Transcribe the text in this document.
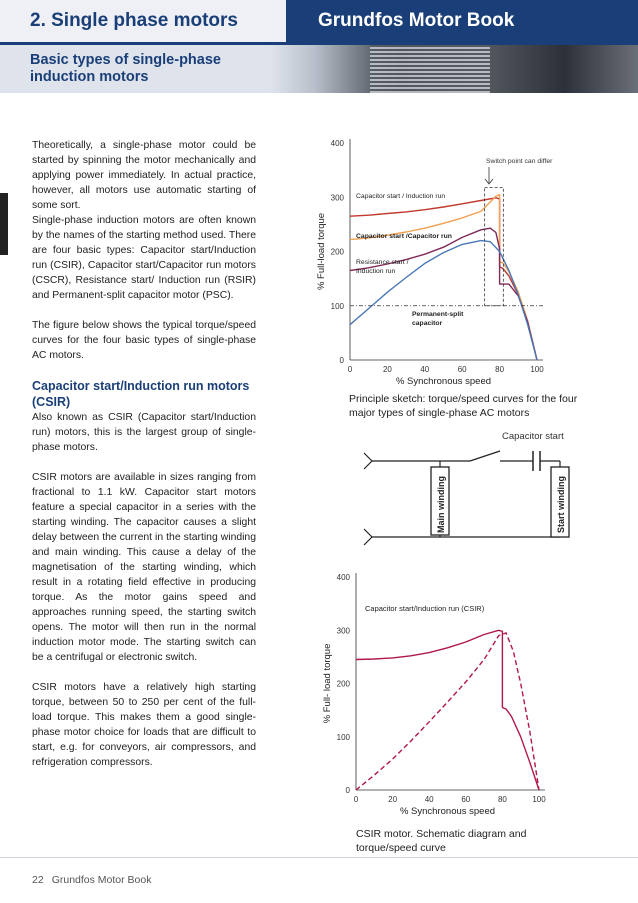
2. Single phase motors	Grundfos Motor Book
Basic types of single-phase induction motors

Theoretically, a single-phase motor could be started by spinning the motor mechanically and applying power immediately. In actual practice, however, all motors use automatic starting of some sort.

Single-phase induction motors are often known by the names of the starting method used. There are four basic types: Capacitor start/Induction run (CSIR), Capacitor start/Capacitor run motors (CSCR), Resistance start/ Induction run (RSIR) and Permanent-split capacitor motor (PSC).

The figure below shows the typical torque/speed curves for the four basic types of single-phase AC motors.

Capacitor start/Induction run motors (CSIR)

Also known as CSIR (Capacitor start/Induction run) motors, this is the largest group of single-phase motors.

CSIR motors are available in sizes ranging from fractional to 1.1 kW. Capacitor start motors feature a special capacitor in a series with the starting winding. The capacitor causes a slight delay between the current in the starting winding and main winding. This cause a delay of the magnetisation of the starting winding, which result in a rotating field effective in producing torque. As the motor gains speed and approaches running speed, the starting switch opens. The motor will then run in the normal induction motor mode. The starting switch can be a centrifugal or electronic switch.

CSIR motors have a relatively high starting torque, between 50 to 250 per cent of the full-load torque. This makes them a good single-phase motor choice for loads that are difficult to start, e.g. for conveyors, air compressors, and refrigeration compressors.

0	20	40	60	80	100
0
100
200
300
400
% Synchronous speed
% Full-load torque
Switch point can differ
Capacitor start / Induction run
Capacitor start /Capacitor run
Resistance start / Induction run
Permanent-split capacitor
Principle sketch: torque/speed curves for the four major types of single-phase AC motors
Capacitor start
Main winding	Start winding
0	20	40	60	80	100
0
100
200
300
400
% Synchronous speed
% Full- load torque
Capacitor start/Induction run (CSIR)
CSIR motor. Schematic diagram and torque/speed curve
22 Grundfos Motor Book
